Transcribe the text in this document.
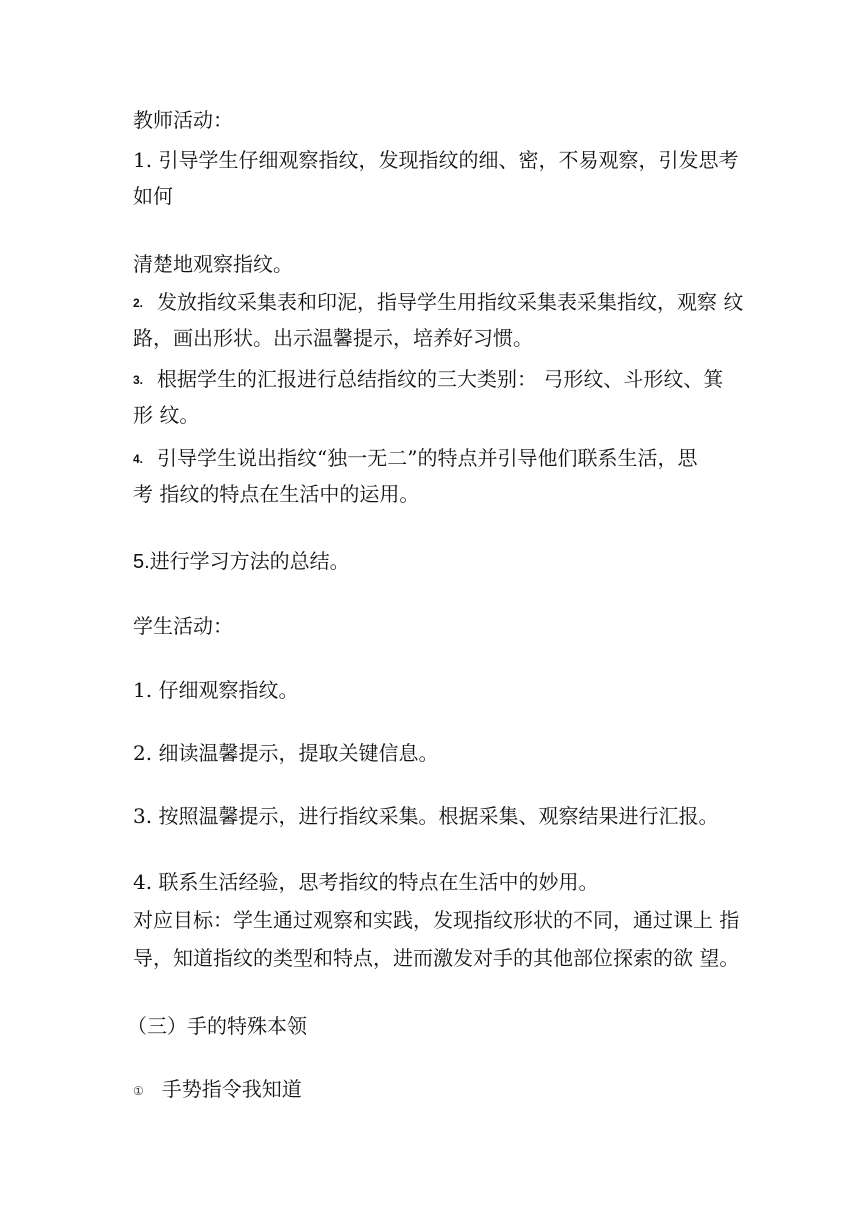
教师活动：
1. 引导学生仔细观察指纹，发现指纹的细、密，不易观察，引发思考
如何
清楚地观察指纹。
2. 发放指纹采集表和印泥，指导学生用指纹采集表采集指纹，观察 纹
路，画出形状。出示温馨提示，培养好习惯。
3. 根据学生的汇报进行总结指纹的三大类别： 弓形纹、斗形纹、箕
形 纹。
4. 引导学生说出指纹“独一无二”的特点并引导他们联系生活，思
考 指纹的特点在生活中的运用。
5.进行学习方法的总结。
学生活动：
1. 仔细观察指纹。
2. 细读温馨提示，提取关键信息。
3. 按照温馨提示，进行指纹采集。根据采集、观察结果进行汇报。
4. 联系生活经验，思考指纹的特点在生活中的妙用。
对应目标：学生通过观察和实践，发现指纹形状的不同，通过课上 指
导，知道指纹的类型和特点，进而激发对手的其他部位探索的欲 望。
（三）手的特殊本领
① 手势指令我知道
